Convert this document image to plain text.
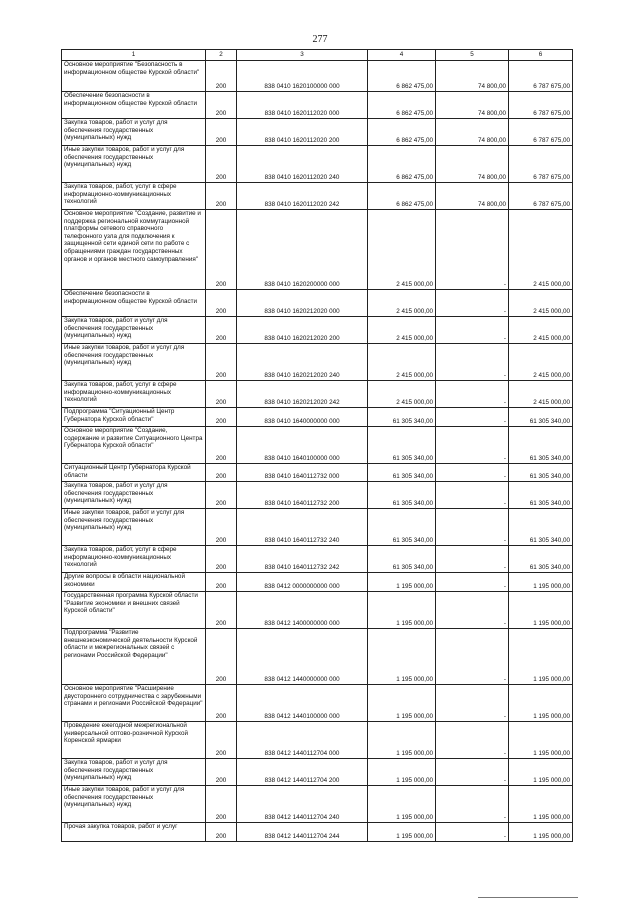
277
1	2	3	4	5	6
Основное мероприятие "Безопасность в информационном обществе Курской области"	200	838 0410 1620100000 000	6 862 475,00	74 800,00	6 787 675,00
Обеспечение безопасности в информационном обществе Курской области	200	838 0410 1620112020 000	6 862 475,00	74 800,00	6 787 675,00
Закупка товаров, работ и услуг для обеспечения государственных (муниципальных) нужд	200	838 0410 1620112020 200	6 862 475,00	74 800,00	6 787 675,00
Иные закупки товаров, работ и услуг для обеспечения государственных (муниципальных) нужд	200	838 0410 1620112020 240	6 862 475,00	74 800,00	6 787 675,00
Закупка товаров, работ, услуг в сфере информационно-коммуникационных технологий	200	838 0410 1620112020 242	6 862 475,00	74 800,00	6 787 675,00
Основное мероприятие "Создание, развитие и поддержка региональной коммутационной платформы сетевого справочного телефонного узла для подключения к защищенной сети единой сети по работе с обращениями граждан государственных органов и органов местного самоуправления"	200	838 0410 1620200000 000	2 415 000,00	-	2 415 000,00
Обеспечение безопасности в информационном обществе Курской области	200	838 0410 1620212020 000	2 415 000,00	-	2 415 000,00
Закупка товаров, работ и услуг для обеспечения государственных (муниципальных) нужд	200	838 0410 1620212020 200	2 415 000,00	-	2 415 000,00
Иные закупки товаров, работ и услуг для обеспечения государственных (муниципальных) нужд	200	838 0410 1620212020 240	2 415 000,00	-	2 415 000,00
Закупка товаров, работ, услуг в сфере информационно-коммуникационных технологий	200	838 0410 1620212020 242	2 415 000,00	-	2 415 000,00
Подпрограмма "Ситуационный Центр Губернатора Курской области"	200	838 0410 1640000000 000	61 305 340,00	-	61 305 340,00
Основное мероприятие "Создание, содержание и развитие Ситуационного Центра Губернатора Курской области"	200	838 0410 1640100000 000	61 305 340,00	-	61 305 340,00
Ситуационный Центр Губернатора Курской области	200	838 0410 1640112732 000	61 305 340,00	-	61 305 340,00
Закупка товаров, работ и услуг для обеспечения государственных (муниципальных) нужд	200	838 0410 1640112732 200	61 305 340,00	-	61 305 340,00
Иные закупки товаров, работ и услуг для обеспечения государственных (муниципальных) нужд	200	838 0410 1640112732 240	61 305 340,00	-	61 305 340,00
Закупка товаров, работ, услуг в сфере информационно-коммуникационных технологий	200	838 0410 1640112732 242	61 305 340,00	-	61 305 340,00
Другие вопросы в области национальной экономики	200	838 0412 0000000000 000	1 195 000,00	-	1 195 000,00
Государственная программа Курской области "Развитие экономики и внешних связей Курской области"	200	838 0412 1400000000 000	1 195 000,00	-	1 195 000,00
Подпрограмма "Развитие внешнеэкономической деятельности Курской области и межрегиональных связей с регионами Российской Федерации"	200	838 0412 1440000000 000	1 195 000,00	-	1 195 000,00
Основное мероприятие "Расширение двустороннего сотрудничества с зарубежными странами и регионами Российской Федерации"	200	838 0412 1440100000 000	1 195 000,00	-	1 195 000,00
Проведение ежегодной межрегиональной универсальной оптово-розничной Курской Коренской ярмарки	200	838 0412 1440112704 000	1 195 000,00	-	1 195 000,00
Закупка товаров, работ и услуг для обеспечения государственных (муниципальных) нужд	200	838 0412 1440112704 200	1 195 000,00	-	1 195 000,00
Иные закупки товаров, работ и услуг для обеспечения государственных (муниципальных) нужд	200	838 0412 1440112704 240	1 195 000,00	-	1 195 000,00
Прочая закупка товаров, работ и услуг	200	838 0412 1440112704 244	1 195 000,00	-	1 195 000,00
